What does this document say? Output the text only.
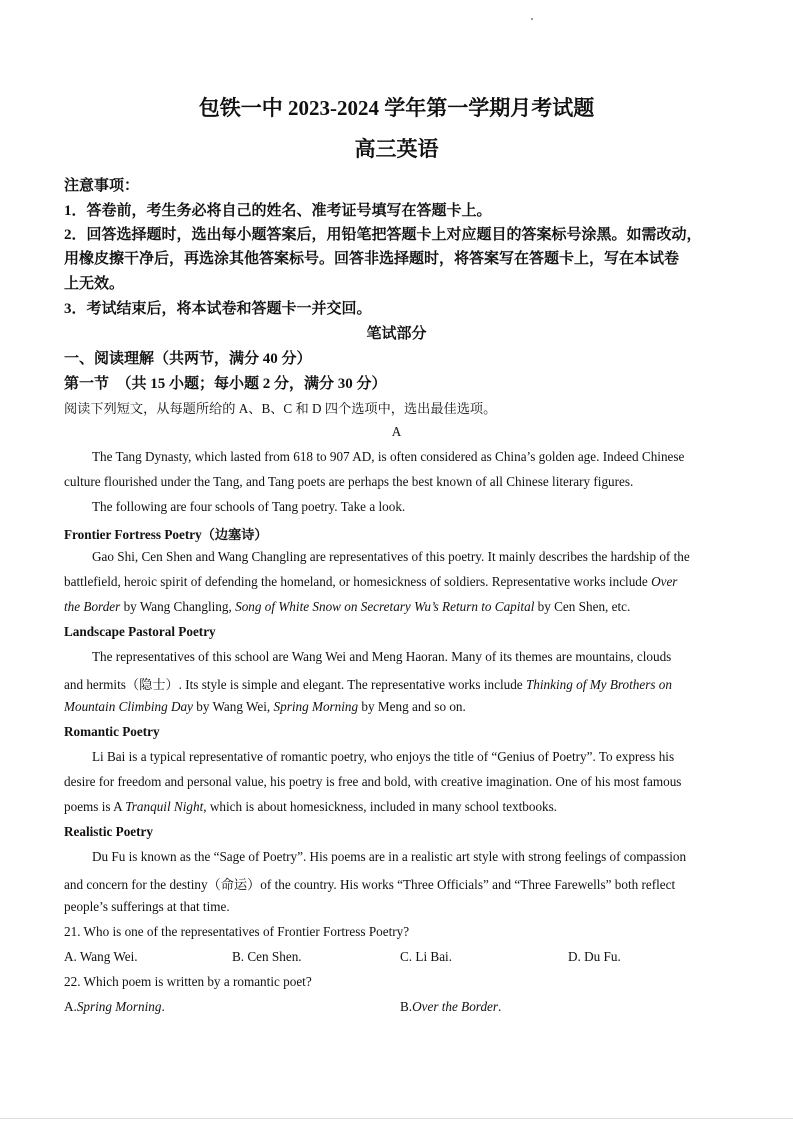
包铁一中 2023-2024 学年第一学期月考试题
高三英语
注意事项：
1．答卷前，考生务必将自己的姓名、准考证号填写在答题卡上。
2．回答选择题时，选出每小题答案后，用铅笔把答题卡上对应题目的答案标号涂黑。如需改动，
用橡皮擦干净后，再选涂其他答案标号。回答非选择题时，将答案写在答题卡上，写在本试卷
上无效。
3．考试结束后，将本试卷和答题卡一并交回。
笔试部分
一、阅读理解（共两节，满分 40 分）
第一节　（共 15 小题；每小题 2 分，满分 30 分）
阅读下列短文，从每题所给的 A、B、C 和 D 四个选项中，选出最佳选项。
A
The Tang Dynasty, which lasted from 618 to 907 AD, is often considered as China’s golden age. Indeed Chinese
culture flourished under the Tang, and Tang poets are perhaps the best known of all Chinese literary figures.
The following are four schools of Tang poetry. Take a look.
Frontier Fortress Poetry（边塞诗）
Gao Shi, Cen Shen and Wang Changling are representatives of this poetry. It mainly describes the hardship of the
battlefield, heroic spirit of defending the homeland, or homesickness of soldiers. Representative works include Over
the Border by Wang Changling, Song of White Snow on Secretary Wu’s Return to Capital by Cen Shen, etc.
Landscape Pastoral Poetry
The representatives of this school are Wang Wei and Meng Haoran. Many of its themes are mountains, clouds
and hermits（隐士）. Its style is simple and elegant. The representative works include Thinking of My Brothers on
Mountain Climbing Day by Wang Wei, Spring Morning by Meng and so on.
Romantic Poetry
Li Bai is a typical representative of romantic poetry, who enjoys the title of “Genius of Poetry”. To express his
desire for freedom and personal value, his poetry is free and bold, with creative imagination. One of his most famous
poems is A Tranquil Night, which is about homesickness, included in many school textbooks.
Realistic Poetry
Du Fu is known as the “Sage of Poetry”. His poems are in a realistic art style with strong feelings of compassion
and concern for the destiny（命运）of the country. His works “Three Officials” and “Three Farewells” both reflect
people’s sufferings at that time.
21. Who is one of the representatives of Frontier Fortress Poetry?
A. Wang Wei.	B. Cen Shen.	C. Li Bai.	D. Du Fu.
22. Which poem is written by a romantic poet?
A.Spring Morning.	B.Over the Border.
